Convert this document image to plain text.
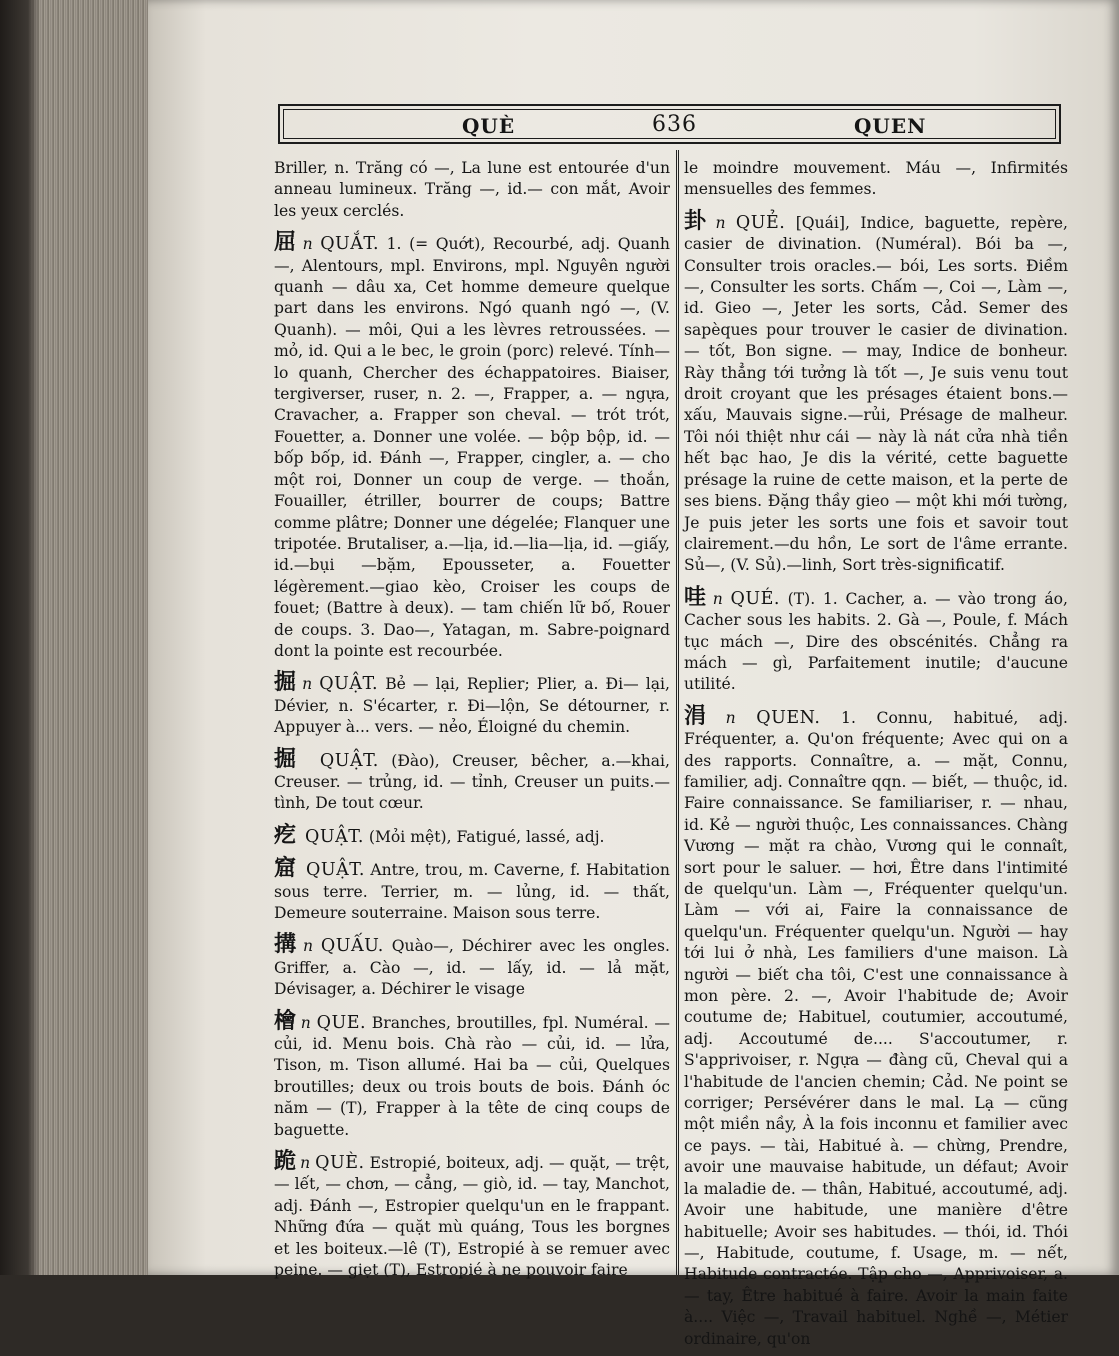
QUÈ	636	QUEN

Briller, n. Trăng có —, La lune est entourée d'un anneau lumineux. Trăng —, id.— con mắt, Avoir les yeux cerclés.

屈 n QUẮT. 1. (= Quớt), Recourbé, adj. Quanh —, Alentours, mpl. Environs, mpl. Nguyên người quanh — dâu xa, Cet homme demeure quelque part dans les environs. Ngó quanh ngó —, (V. Quanh). — môi, Qui a les lèvres retroussées. — mỏ, id. Qui a le bec, le groin (porc) relevé. Tính— lo quanh, Chercher des échappatoires. Biaiser, tergiverser, ruser, n. 2. —, Frapper, a. — ngựa, Cravacher, a. Frapper son cheval. — trót trót, Fouetter, a. Donner une volée. — bộp bộp, id. — bốp bốp, id. Đánh —, Frapper, cingler, a. — cho một roi, Donner un coup de verge. — thoắn, Fouailler, étriller, bourrer de coups; Battre comme plâtre; Donner une dégelée; Flanquer une tripotée. Brutaliser, a.—lịa, id.—lia—lịa, id. —giấy, id.—bụi —bặm, Epousseter, a. Fouetter légèrement.—giao kèo, Croiser les coups de fouet; (Battre à deux). — tam chiến lữ bố, Rouer de coups. 3. Dao—, Yatagan, m. Sabre-poignard dont la pointe est recourbée.

掘 n QUẬT. Bẻ — lại, Replier; Plier, a. Đi— lại, Dévier, n. S'écarter, r. Đi—lộn, Se détourner, r. Appuyer à... vers. — nẻo, Éloigné du chemin.

掘 QUẬT. (Đào), Creuser, bêcher, a.—khai, Creuser. — trủng, id. — tỉnh, Creuser un puits.— tình, De tout cœur.

疙 QUẬT. (Mỏi mệt), Fatigué, lassé, adj.

窟 QUẬT. Antre, trou, m. Caverne, f. Habitation sous terre. Terrier, m. — lủng, id. — thất, Demeure souterraine. Maison sous terre.

搆 n QUẤU. Quào—, Déchirer avec les ongles. Griffer, a. Cào —, id. — lấy, id. — lả mặt, Dévisager, a. Déchirer le visage

檜 n QUE. Branches, broutilles, fpl. Numéral. — củi, id. Menu bois. Chà rào — củi, id. — lửa, Tison, m. Tison allumé. Hai ba — củi, Quelques broutilles; deux ou trois bouts de bois. Đánh óc năm — (T), Frapper à la tête de cinq coups de baguette.

跪 n QUÈ. Estropié, boiteux, adj. — quặt, — trệt, — lết, — chơn, — cẳng, — giò, id. — tay, Manchot, adj. Đánh —, Estropier quelqu'un en le frappant. Những đứa — quặt mù quáng, Tous les borgnes et les boiteux.—lê (T), Estropié à se remuer avec peine. — giẹt (T), Estropié à ne pouvoir faire

le moindre mouvement. Máu —, Infirmités mensuelles des femmes.

卦 n QUẺ. [Quái], Indice, baguette, repère, casier de divination. (Numéral). Bói ba —, Consulter trois oracles.— bói, Les sorts. Điềm—, Consulter les sorts. Chấm —, Coi —, Làm —, id. Gieo —, Jeter les sorts, Cảd. Semer des sapèques pour trouver le casier de divination. — tốt, Bon signe. — may, Indice de bonheur. Rày thẳng tới tưởng là tốt —, Je suis venu tout droit croyant que les présages étaient bons.— xấu, Mauvais signe.—rủi, Présage de malheur. Tôi nói thiệt như cái — này là nát cửa nhà tiền hết bạc hao, Je dis la vérité, cette baguette présage la ruine de cette maison, et la perte de ses biens. Đặng thầy gieo — một khi mới tường, Je puis jeter les sorts une fois et savoir tout clairement.—du hồn, Le sort de l'âme errante. Sủ—, (V. Sủ).—linh, Sort très-significatif.

哇 n QUÉ. (T). 1. Cacher, a. — vào trong áo, Cacher sous les habits. 2. Gà —, Poule, f. Mách tục mách —, Dire des obscénités. Chẳng ra mách — gì, Parfaitement inutile; d'aucune utilité.

涓 n QUEN. 1. Connu, habitué, adj. Fréquenter, a. Qu'on fréquente; Avec qui on a des rapports. Connaître, a. — mặt, Connu, familier, adj. Connaître qqn. — biết, — thuộc, id. Faire connaissance. Se familiariser, r. — nhau, id. Kẻ — người thuộc, Les connaissances. Chàng Vương — mặt ra chào, Vương qui le connaît, sort pour le saluer. — hơi, Être dans l'intimité de quelqu'un. Làm —, Fréquenter quelqu'un. Làm — với ai, Faire la connaissance de quelqu'un. Fréquenter quelqu'un. Người — hay tới lui ở nhà, Les familiers d'une maison. Là người — biết cha tôi, C'est une connaissance à mon père. 2. —, Avoir l'habitude de; Avoir coutume de; Habituel, coutumier, accoutumé, adj. Accoutumé de.... S'accoutumer, r. S'apprivoiser, r. Ngựa — đàng cũ, Cheval qui a l'habitude de l'ancien chemin; Cảd. Ne point se corriger; Persévérer dans le mal. Lạ — cũng một miền nầy, À la fois inconnu et familier avec ce pays. — tài, Habitué à. — chừng, Prendre, avoir une mauvaise habitude, un défaut; Avoir la maladie de. — thân, Habitué, accoutumé, adj. Avoir une habitude, une manière d'être habituelle; Avoir ses habitudes. — thói, id. Thói —, Habitude, coutume, f. Usage, m. — nết, Habitude contractée. Tập cho —, Apprivoiser, a. — tay, Être habitué à faire. Avoir la main faite à.... Việc —, Travail habituel. Nghề —, Métier ordinaire, qu'on
